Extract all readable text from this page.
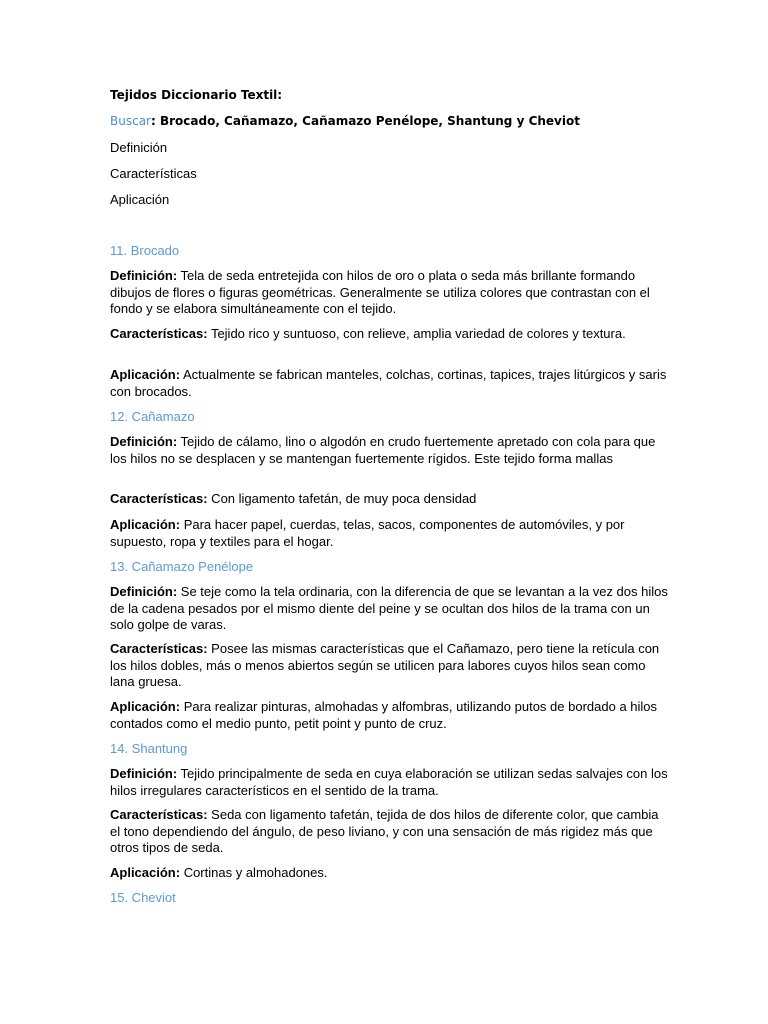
Tejidos Diccionario Textil:
Buscar: Brocado, Cañamazo, Cañamazo Penélope, Shantung y Cheviot
Definición
Características
Aplicación
11. Brocado
Definición: Tela de seda entretejida con hilos de oro o plata o seda más brillante formando dibujos de flores o figuras geométricas. Generalmente se utiliza colores que contrastan con el fondo y se elabora simultáneamente con el tejido.
Características: Tejido rico y suntuoso, con relieve, amplia variedad de colores y textura.
Aplicación: Actualmente se fabrican manteles, colchas, cortinas, tapices, trajes litúrgicos y saris con brocados.
12. Cañamazo
Definición: Tejido de cálamo, lino o algodón en crudo fuertemente apretado con cola para que los hilos no se desplacen y se mantengan fuertemente rígidos. Este tejido forma mallas
Características: Con ligamento tafetán, de muy poca densidad
Aplicación: Para hacer papel, cuerdas, telas, sacos, componentes de automóviles, y por supuesto, ropa y textiles para el hogar.
13. Cañamazo Penélope
Definición: Se teje como la tela ordinaria, con la diferencia de que se levantan a la vez dos hilos de la cadena pesados por el mismo diente del peine y se ocultan dos hilos de la trama con un solo golpe de varas.
Características: Posee las mismas características que el Cañamazo, pero tiene la retícula con los hilos dobles, más o menos abiertos según se utilicen para labores cuyos hilos sean como lana gruesa.
Aplicación: Para realizar pinturas, almohadas y alfombras, utilizando putos de bordado a hilos contados como el medio punto, petit point y punto de cruz.
14. Shantung
Definición: Tejido principalmente de seda en cuya elaboración se utilizan sedas salvajes con los hilos irregulares característicos en el sentido de la trama.
Características: Seda con ligamento tafetán, tejida de dos hilos de diferente color, que cambia el tono dependiendo del ángulo, de peso liviano, y con una sensación de más rigidez más que otros tipos de seda.
Aplicación: Cortinas y almohadones.
15. Cheviot
